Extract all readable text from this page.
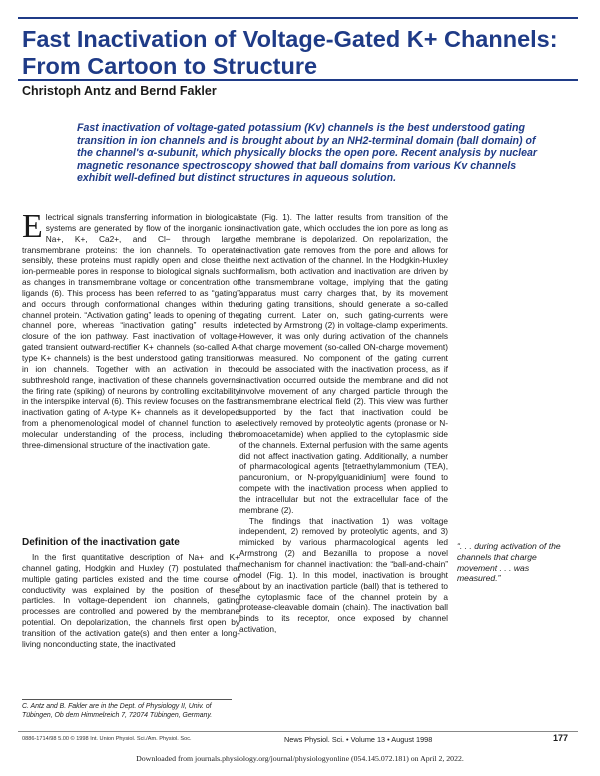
Fast Inactivation of Voltage-Gated K+ Channels: From Cartoon to Structure
Christoph Antz and Bernd Fakler

Fast inactivation of voltage-gated potassium (Kv) channels is the best understood gating transition in ion channels and is brought about by an NH2-terminal domain (ball domain) of the channel's α-subunit, which physically blocks the open pore. Recent analysis by nuclear magnetic resonance spectroscopy showed that ball domains from various Kv channels exhibit well-defined but distinct structures in aqueous solution.

E lectrical signals transferring information in biological systems are generated by flow of the inorganic ions Na+, K+, Ca2+, and Cl− through large transmembrane proteins: the ion channels. To operate sensibly, these proteins must rapidly open and close their ion-permeable pores in response to biological signals such as changes in transmembrane voltage or concentration of ligands (6). This process has been referred to as “gating” and occurs through conformational changes within the channel protein. “Activation gating” leads to opening of the channel pore, whereas “inactivation gating” results in closure of the ion pathway. Fast inactivation of voltage-gated transient outward-rectifier K+ channels (so-called A-type K+ channels) is the best understood gating transition in ion channels. Together with an activation in the subthreshold range, inactivation of these channels governs the firing rate (spiking) of neurons by controlling excitability in the interspike interval (6). This review focuses on the fast inactivation gating of A-type K+ channels as it developed from a phenomenological model of channel function to a molecular understanding of the process, including the three-dimensional structure of the inactivation gate.

Definition of the inactivation gate

In the first quantitative description of Na+ and K+ channel gating, Hodgkin and Huxley (7) postulated that multiple gating particles existed and the time course of conductivity was explained by the position of these particles. In voltage-dependent ion channels, gating processes are controlled and powered by the membrane potential. On depolarization, the channels first open by transition of the activation gate(s) and then enter a long-living nonconducting state, the inactivated

C. Antz and B. Fakler are in the Dept. of Physiology II, Univ. of Tübingen, Ob dem Himmelreich 7, 72074 Tübingen, Germany.

state (Fig. 1). The latter results from transition of the inactivation gate, which occludes the ion pore as long as the membrane is depolarized. On repolarization, the inactivation gate removes from the pore and allows for the next activation of the channel. In the Hodgkin-Huxley formalism, both activation and inactivation are driven by the transmembrane voltage, implying that the gating apparatus must carry charges that, by its movement during gating transitions, should generate a so-called gating current. Later on, such gating-currents were detected by Armstrong (2) in voltage-clamp experiments. However, it was only during activation of the channels that charge movement (so-called ON-charge movement) was measured. No component of the gating current could be associated with the inactivation process, as if inactivation occurred outside the membrane and did not involve movement of any charged particle through the transmembrane electrical field (2). This view was further supported by the fact that inactivation could be selectively removed by proteolytic agents (pronase or N-bromoacetamide) when applied to the cytoplasmic side of the channels. External perfusion with the same agents did not affect inactivation gating. Additionally, a number of pharmacological agents [tetraethylammonium (TEA), pancuronium, or N-propylguanidinium] were found to compete with the inactivation process when applied to the intracellular but not the extracellular face of the membrane (2).

The findings that inactivation 1) was voltage independent, 2) removed by proteolytic agents, and 3) mimicked by various pharmacological agents led Armstrong (2) and Bezanilla to propose a novel mechanism for channel inactivation: the “ball-and-chain” model (Fig. 1). In this model, inactivation is brought about by an inactivation particle (ball) that is tethered to the cytoplasmic face of the channel protein by a protease-cleavable domain (chain). The inactivation ball binds to its receptor, once exposed by channel activation,

“. . . during activation of the channels that charge movement . . . was measured.”

0886-1714/98 5.00 © 1998 Int. Union Physiol. Sci./Am. Physiol. Soc.	News Physiol. Sci. • Volume 13 • August 1998	177
Downloaded from journals.physiology.org/journal/physiologyonline (054.145.072.181) on April 2, 2022.
